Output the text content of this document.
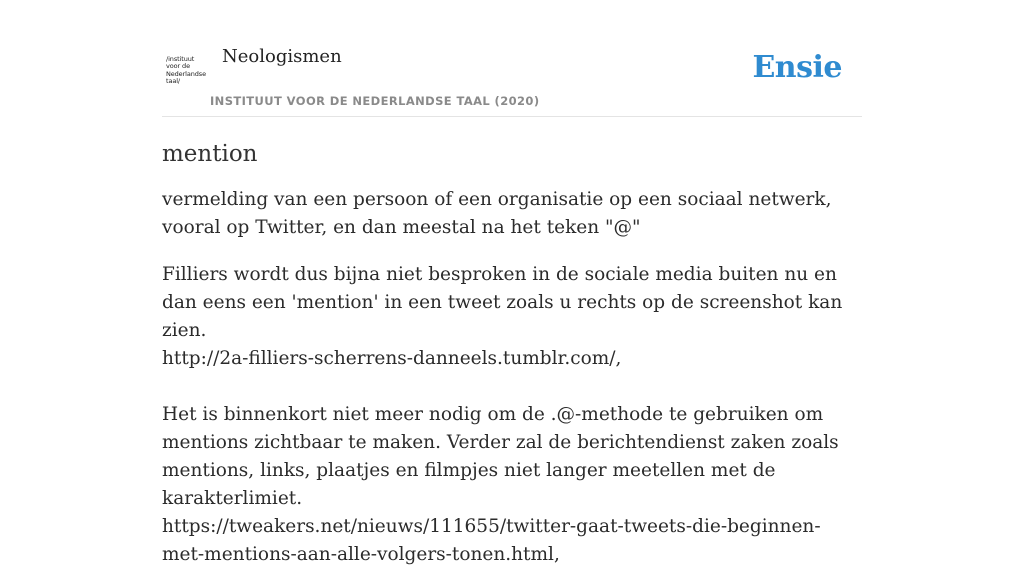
/instituut
voor de
Nederlandse
taal/
Neologismen
INSTITUUT VOOR DE NEDERLANDSE TAAL (2020)
Ensie
mention
vermelding van een persoon of een organisatie op een sociaal netwerk, vooral op Twitter, en dan meestal na het teken "@"
Filliers wordt dus bijna niet besproken in de sociale media buiten nu en dan eens een 'mention' in een tweet zoals u rechts op de screenshot kan zien.
http://2a-filliers-scherrens-danneels.tumblr.com/,
Het is binnenkort niet meer nodig om de .@-methode te gebruiken om mentions zichtbaar te maken. Verder zal de berichtendienst zaken zoals mentions, links, plaatjes en filmpjes niet langer meetellen met de karakterlimiet.
https://tweakers.net/nieuws/111655/twitter-gaat-tweets-die-beginnen-met-mentions-aan-alle-volgers-tonen.html,
